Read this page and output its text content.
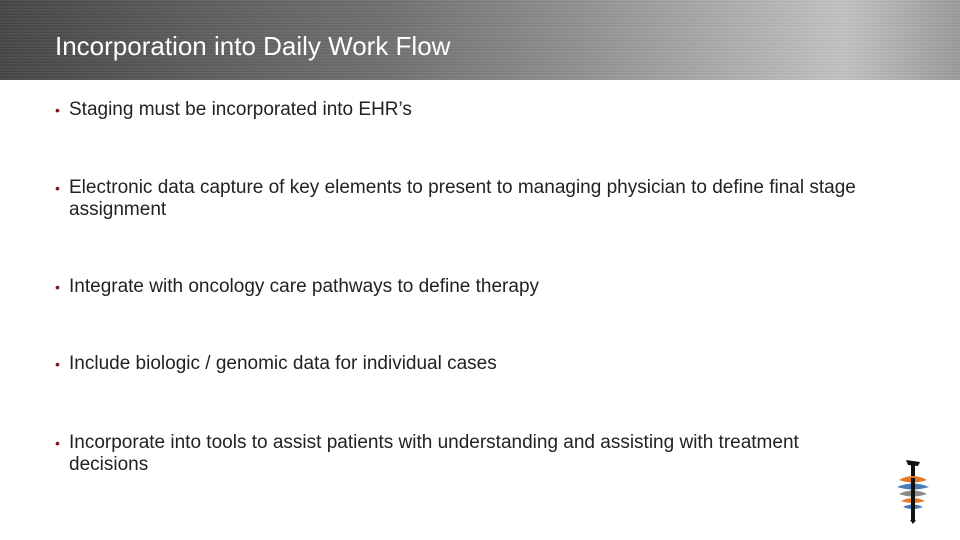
Incorporation into Daily Work Flow
• Staging must be incorporated into EHR’s
• Electronic data capture of key elements to present to managing physician to define final stage assignment
• Integrate with oncology care pathways to define therapy
• Include biologic / genomic data for individual cases
• Incorporate into tools to assist patients with understanding and assisting with treatment decisions
